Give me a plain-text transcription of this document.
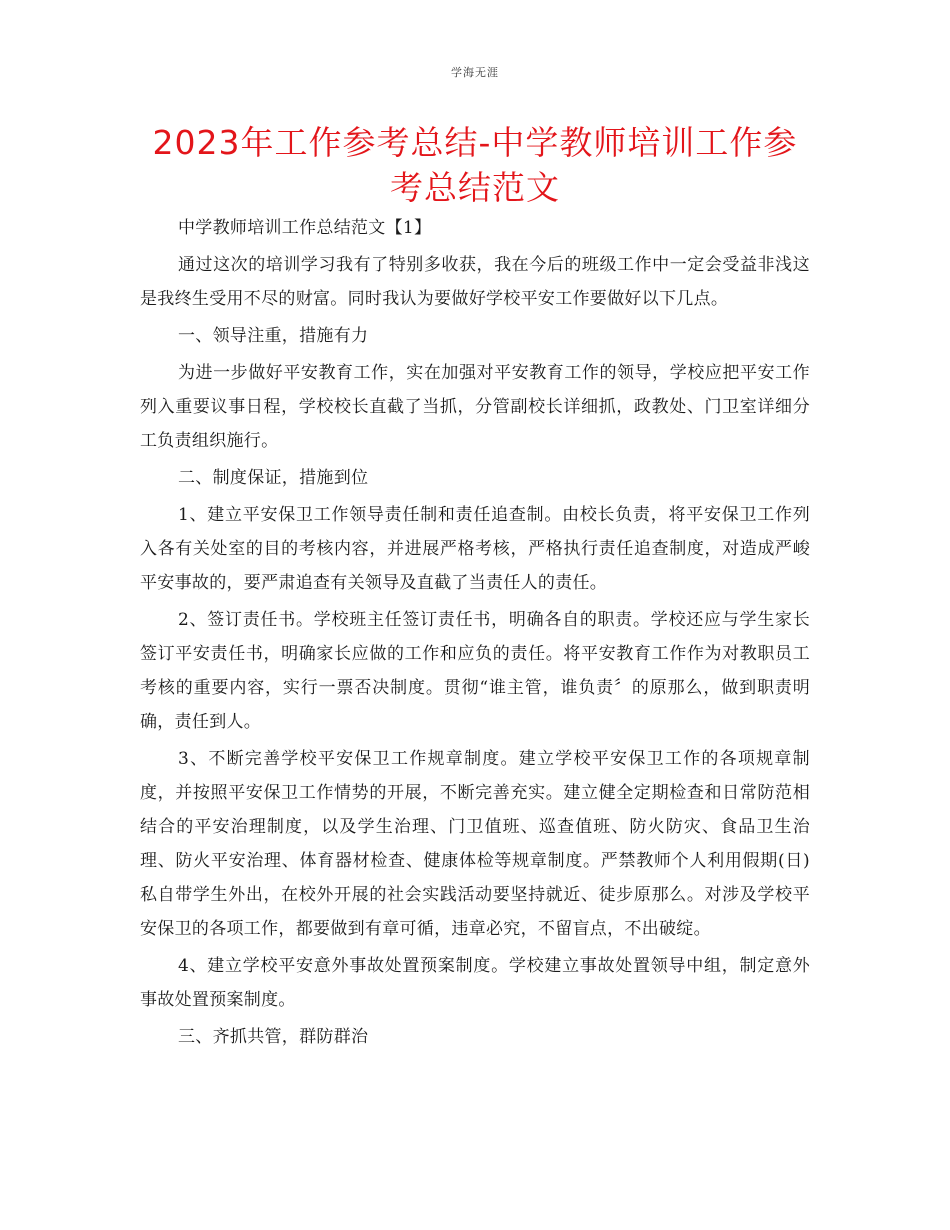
学海无涯
2023年工作参考总结-中学教师培训工作参考总结范文
中学教师培训工作总结范文【1】
通过这次的培训学习我有了特别多收获，我在今后的班级工作中一定会受益非浅这是我终生受用不尽的财富。同时我认为要做好学校平安工作要做好以下几点。
一、领导注重，措施有力
为进一步做好平安教育工作，实在加强对平安教育工作的领导，学校应把平安工作列入重要议事日程，学校校长直截了当抓，分管副校长详细抓，政教处、门卫室详细分工负责组织施行。
二、制度保证，措施到位
1、建立平安保卫工作领导责任制和责任追查制。由校长负责，将平安保卫工作列入各有关处室的目的考核内容，并进展严格考核，严格执行责任追查制度，对造成严峻平安事故的，要严肃追查有关领导及直截了当责任人的责任。
2、签订责任书。学校班主任签订责任书，明确各自的职责。学校还应与学生家长签订平安责任书，明确家长应做的工作和应负的责任。将平安教育工作作为对教职员工考核的重要内容，实行一票否决制度。贯彻“谁主管，谁负责〞的原那么，做到职责明确，责任到人。
3、不断完善学校平安保卫工作规章制度。建立学校平安保卫工作的各项规章制度，并按照平安保卫工作情势的开展，不断完善充实。建立健全定期检查和日常防范相结合的平安治理制度，以及学生治理、门卫值班、巡查值班、防火防灾、食品卫生治理、防火平安治理、体育器材检查、健康体检等规章制度。严禁教师个人利用假期(日)私自带学生外出，在校外开展的社会实践活动要坚持就近、徒步原那么。对涉及学校平安保卫的各项工作，都要做到有章可循，违章必究，不留盲点，不出破绽。
4、建立学校平安意外事故处置预案制度。学校建立事故处置领导中组，制定意外事故处置预案制度。
三、齐抓共管，群防群治
